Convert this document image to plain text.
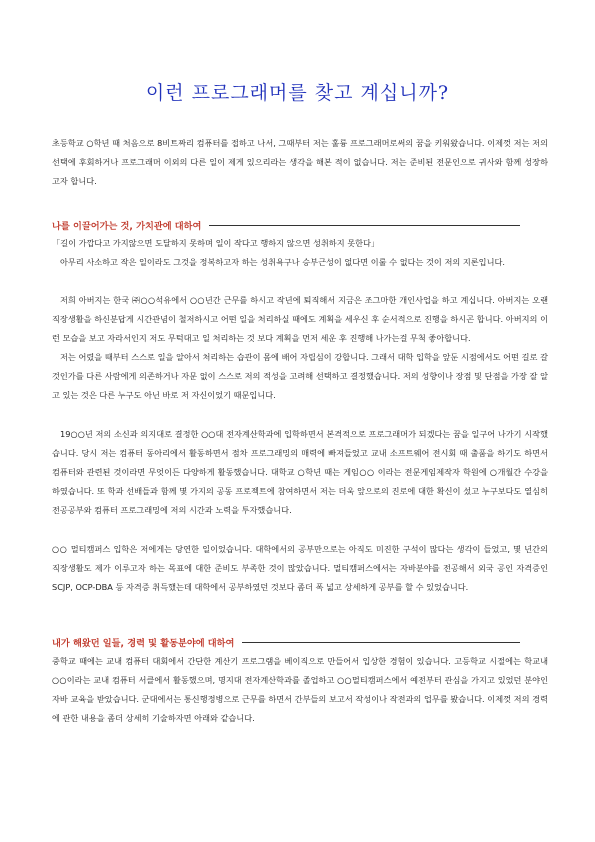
이런 프로그래머를 찾고 계십니까?
초등학교 ○학년 때 처음으로 8비트짜리 컴퓨터를 접하고 나서, 그때부터 저는 훌륭 프로그래머로써의 꿈을 키워왔습니다. 이제껏 저는 저의 선택에 후회하거나 프로그래머 이외의 다른 일이 제게 있으리라는 생각을 해본 적이 없습니다. 저는 준비된 전문인으로 귀사와 함께 성장하고자 합니다.
나를 이끌어가는 것, 가치관에 대하여
「길이 가깝다고 가지않으면 도달하지 못하며 일이 작다고 행하지 않으면 성취하지 못한다」
아무리 사소하고 작은 일이라도 그것을 정복하고자 하는 성취욕구나 승부근성이 없다면 이룰 수 없다는 것이 저의 지론입니다.
저희 아버지는 한국 ㈜○○석유에서 ○○년간 근무를 하시고 작년에 퇴직해서 지금은 조그마한 개인사업을 하고 계십니다. 아버지는 오랜 직장생활을 하신분답게 시간관념이 철저하시고 어떤 일을 처리하실 때에도 계획을 세우신 후 순서적으로 진행을 하시곤 합니다. 아버지의 이런 모습을 보고 자라서인지 저도 무턱대고 일 처리하는 것 보다 계획을 먼저 세운 후 진행해 나가는걸 무척 좋아합니다.
저는 어렸을 때부터 스스로 일을 알아서 처리하는 습관이 몸에 배어 자립심이 강합니다. 그래서 대학 입학을 앞둔 시점에서도 어떤 길로 갈 것인가를 다른 사람에게 의존하거나 자문 없이 스스로 저의 적성을 고려해 선택하고 결정했습니다. 저의 성향이나 장점 및 단점을 가장 잘 알고 있는 것은 다른 누구도 아닌 바로 저 자신이었기 때문입니다.
19○○년 저의 소신과 의지대로 결정한 ○○대 전자계산학과에 입학하면서 본격적으로 프로그래머가 되겠다는 꿈을 일구어 나가기 시작했습니다. 당시 저는 컴퓨터 동아리에서 활동하면서 점차 프로그래밍의 매력에 빠져들었고 교내 소프트웨어 전시회 때 출품을 하기도 하면서 컴퓨터와 관련된 것이라면 무엇이든 다양하게 활동했습니다. 대학교 ○학년 때는 게임○○ 이라는 전문게임제작자 학원에 ○개월간 수강을 하였습니다. 또 학과 선배들과 함께 몇 가지의 공동 프로젝트에 참여하면서 저는 더욱 앞으로의 진로에 대한 확신이 섰고 누구보다도 열심히 전공공부와 컴퓨터 프로그래밍에 저의 시간과 노력을 투자했습니다.
○○ 멀티캠퍼스 입학은 저에게는 당연한 일이었습니다. 대학에서의 공부만으로는 아직도 미진한 구석이 많다는 생각이 들었고, 몇 년간의 직장생활도 제가 이루고자 하는 목표에 대한 준비도 부족한 것이 많았습니다. 멀티캠퍼스에서는 자바분야를 전공해서 외국 공인 자격증인 SCJP, OCP-DBA 등 자격증 취득했는데 대학에서 공부하였던 것보다 좀더 폭 넓고 상세하게 공부를 할 수 있었습니다.
내가 해왔던 일들, 경력 및 활동분야에 대하여
중학교 때에는 교내 컴퓨터 대회에서 간단한 계산기 프로그램을 베이직으로 만들어서 입상한 경험이 있습니다. 고등학교 시절에는 학교내 ○○이라는 교내 컴퓨터 서클에서 활동했으며, 명지대 전자계산학과를 졸업하고 ○○멀티캠퍼스에서 예전부터 관심을 가지고 있었던 분야인 자바 교육을 받았습니다. 군대에서는 통신행정병으로 근무를 하면서 간부들의 보고서 작성이나 작전과의 업무를 봤습니다. 이제껏 저의 경력에 관한 내용을 좀더 상세히 기술하자면 아래와 같습니다.
